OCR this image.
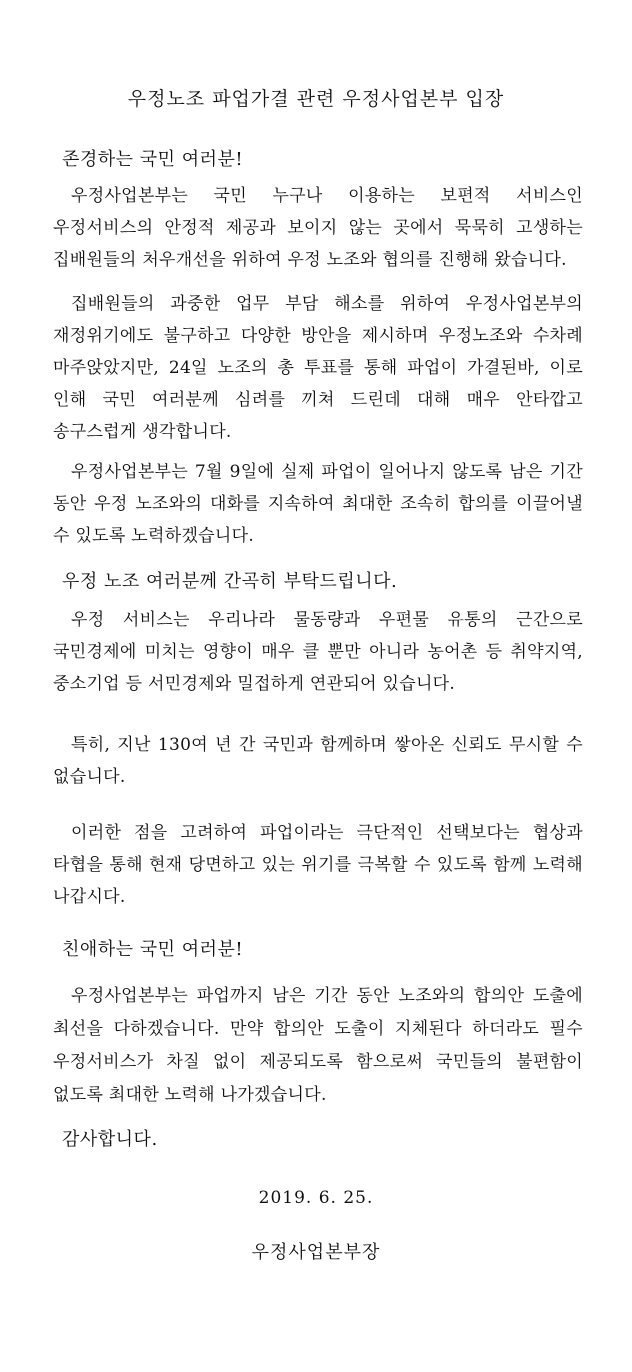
우정노조 파업가결 관련 우정사업본부 입장
존경하는 국민 여러분!
우정사업본부는 국민 누구나 이용하는 보편적 서비스인 우정서비스의 안정적 제공과 보이지 않는 곳에서 묵묵히 고생하는 집배원들의 처우개선을 위하여 우정 노조와 협의를 진행해 왔습니다.
집배원들의 과중한 업무 부담 해소를 위하여 우정사업본부의 재정위기에도 불구하고 다양한 방안을 제시하며 우정노조와 수차례 마주앉았지만, 24일 노조의 총 투표를 통해 파업이 가결된바, 이로 인해 국민 여러분께 심려를 끼쳐 드린데 대해 매우 안타깝고 송구스럽게 생각합니다.
우정사업본부는 7월 9일에 실제 파업이 일어나지 않도록 남은 기간 동안 우정 노조와의 대화를 지속하여 최대한 조속히 합의를 이끌어낼 수 있도록 노력하겠습니다.
우정 노조 여러분께 간곡히 부탁드립니다.
우정 서비스는 우리나라 물동량과 우편물 유통의 근간으로 국민경제에 미치는 영향이 매우 클 뿐만 아니라 농어촌 등 취약지역, 중소기업 등 서민경제와 밀접하게 연관되어 있습니다.
특히, 지난 130여 년 간 국민과 함께하며 쌓아온 신뢰도 무시할 수 없습니다.
이러한 점을 고려하여 파업이라는 극단적인 선택보다는 협상과 타협을 통해 현재 당면하고 있는 위기를 극복할 수 있도록 함께 노력해 나갑시다.
친애하는 국민 여러분!
우정사업본부는 파업까지 남은 기간 동안 노조와의 합의안 도출에 최선을 다하겠습니다. 만약 합의안 도출이 지체된다 하더라도 필수 우정서비스가 차질 없이 제공되도록 함으로써 국민들의 불편함이 없도록 최대한 노력해 나가겠습니다.
감사합니다.
2019. 6. 25.
우정사업본부장
